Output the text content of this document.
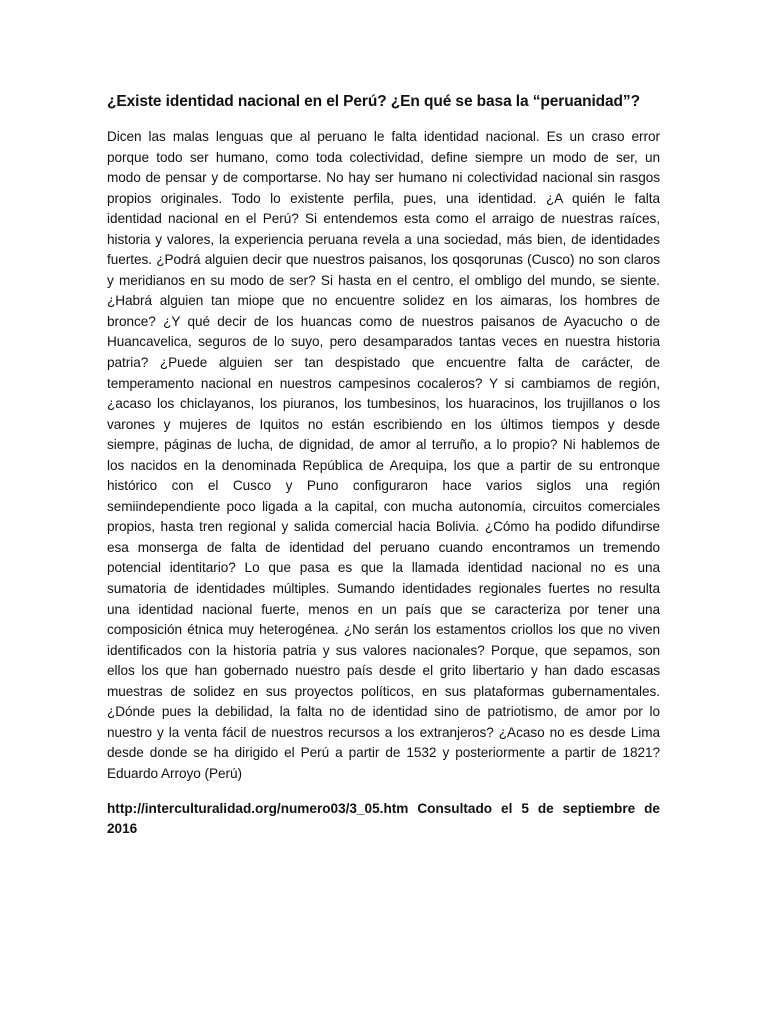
¿Existe identidad nacional en el Perú? ¿En qué se basa la “peruanidad”?
Dicen las malas lenguas que al peruano le falta identidad nacional. Es un craso error
porque todo ser humano, como toda colectividad, define siempre un modo de ser, un
modo de pensar y de comportarse. No hay ser humano ni colectividad nacional sin rasgos
propios originales. Todo lo existente perfila, pues, una identidad. ¿A quién le falta
identidad nacional en el Perú? Si entendemos esta como el arraigo de nuestras raíces,
historia y valores, la experiencia peruana revela a una sociedad, más bien, de identidades
fuertes. ¿Podrá alguien decir que nuestros paisanos, los qosqorunas (Cusco) no son claros
y meridianos en su modo de ser? Si hasta en el centro, el ombligo del mundo, se siente.
¿Habrá alguien tan miope que no encuentre solidez en los aimaras, los hombres de
bronce? ¿Y qué decir de los huancas como de nuestros paisanos de Ayacucho o de
Huancavelica, seguros de lo suyo, pero desamparados tantas veces en nuestra historia
patria? ¿Puede alguien ser tan despistado que encuentre falta de carácter, de
temperamento nacional en nuestros campesinos cocaleros? Y si cambiamos de región,
¿acaso los chiclayanos, los piuranos, los tumbesinos, los huaracinos, los trujillanos o los
varones y mujeres de Iquitos no están escribiendo en los últimos tiempos y desde
siempre, páginas de lucha, de dignidad, de amor al terruño, a lo propio? Ni hablemos de
los nacidos en la denominada República de Arequipa, los que a partir de su entronque
histórico con el Cusco y Puno configuraron hace varios siglos una región
semiindependiente poco ligada a la capital, con mucha autonomía, circuitos comerciales
propios, hasta tren regional y salida comercial hacia Bolivia. ¿Cómo ha podido difundirse
esa monserga de falta de identidad del peruano cuando encontramos un tremendo
potencial identitario? Lo que pasa es que la llamada identidad nacional no es una
sumatoria de identidades múltiples. Sumando identidades regionales fuertes no resulta
una identidad nacional fuerte, menos en un país que se caracteriza por tener una
composición étnica muy heterogénea. ¿No serán los estamentos criollos los que no viven
identificados con la historia patria y sus valores nacionales? Porque, que sepamos, son
ellos los que han gobernado nuestro país desde el grito libertario y han dado escasas
muestras de solidez en sus proyectos políticos, en sus plataformas gubernamentales.
¿Dónde pues la debilidad, la falta no de identidad sino de patriotismo, de amor por lo
nuestro y la venta fácil de nuestros recursos a los extranjeros? ¿Acaso no es desde Lima
desde donde se ha dirigido el Perú a partir de 1532 y posteriormente a partir de 1821?
Eduardo Arroyo (Perú)
http://interculturalidad.org/numero03/3_05.htm Consultado el 5 de septiembre de
2016
